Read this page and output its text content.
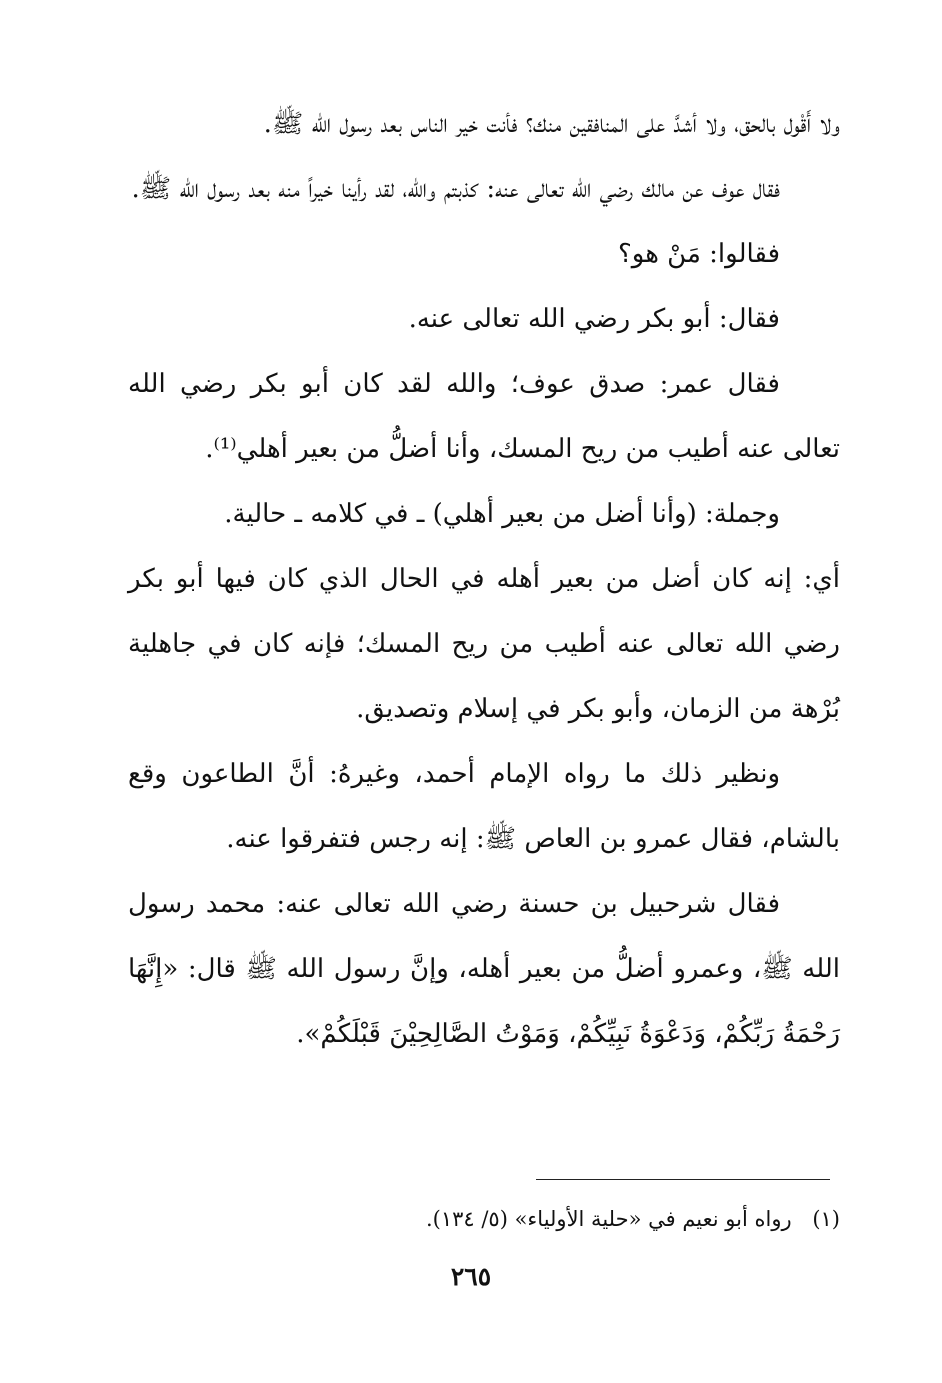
ولا أَقْول بالحق، ولا أشدَّ على المنافقين منك؟ فأنت خير الناس بعد رسول الله ﷺ.

فقال عوف عن مالك رضي الله تعالى عنه: كذبتم والله، لقد رأينا خيراً منه بعد رسول الله ﷺ.

فقالوا: مَنْ هو؟

فقال: أبو بكر رضي الله تعالى عنه.

فقال عمر: صدق عوف؛ والله لقد كان أبو بكر رضي الله تعالى عنه أطيب من ريح المسك، وأنا أضلُّ من بعير أهلي⁽¹⁾.

وجملة: (وأنا أضل من بعير أهلي) ـ في كلامه ـ حالية.

أي: إنه كان أضل من بعير أهله في الحال الذي كان فيها أبو بكر رضي الله تعالى عنه أطيب من ريح المسك؛ فإنه كان في جاهلية بُرْهة من الزمان، وأبو بكر في إسلام وتصديق.

ونظير ذلك ما رواه الإمام أحمد، وغيرهُ: أنَّ الطاعون وقع بالشام، فقال عمرو بن العاص ﷺ: إنه رجس فتفرقوا عنه.

فقال شرحبيل بن حسنة رضي الله تعالى عنه: محمد رسول الله ﷺ، وعمرو أضلُّ من بعير أهله، وإنَّ رسول الله ﷺ قال: «إِنَّهَا رَحْمَةُ رَبِّكُمْ، وَدَعْوَةُ نَبِيِّكُمْ، وَمَوْتُ الصَّالِحِيْنَ قَبْلَكُمْ».

(١) رواه أبو نعيم في «حلية الأولياء» (٥/ ١٣٤).
٢٦٥
